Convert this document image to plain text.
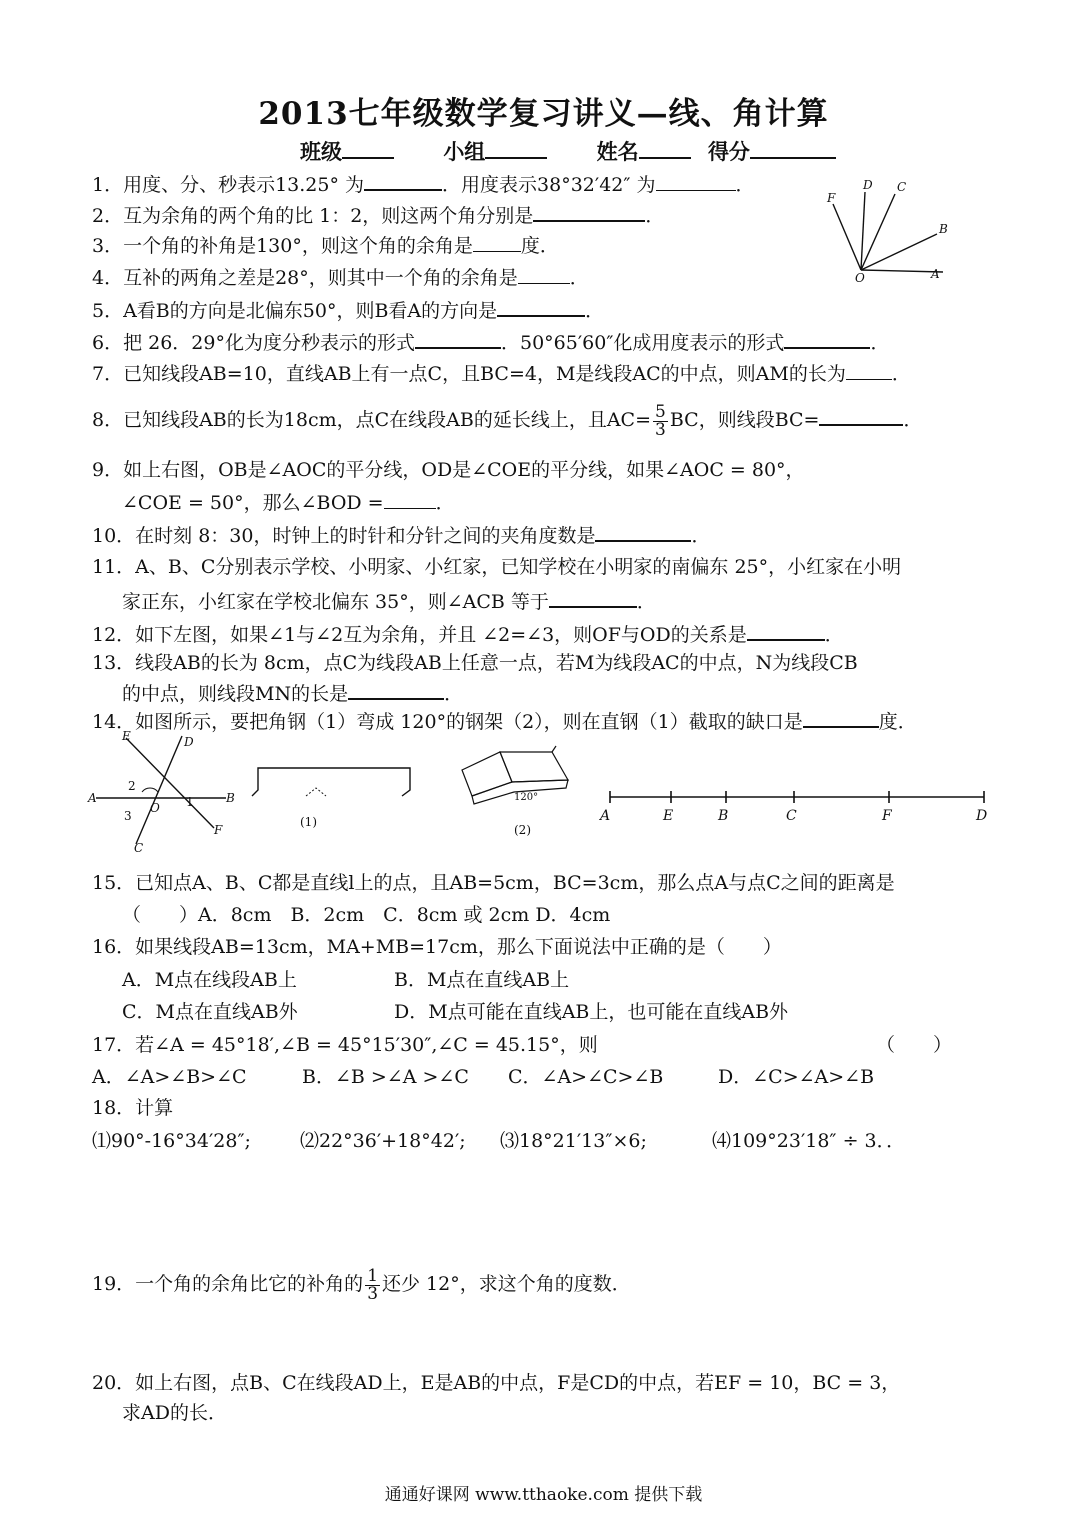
2013七年级数学复习讲义—线、角计算
班级	小组	姓名	得分
1．用度、分、秒表示13.25° 为	．用度表示38°32′42″ 为	．
2．互为余角的两个角的比 1：2，则这两个角分别是	．
3．一个角的补角是130°，则这个角的余角是	度．
4．互补的两角之差是28°，则其中一个角的余角是	．
5．A看B的方向是北偏东50°，则B看A的方向是	．
F
D C
B
O	A
6．把 26．29°化为度分秒表示的形式	．50°65′60″化成用度表示的形式	．
7．已知线段AB=10，直线AB上有一点C，且BC=4，M是线段AC的中点，则AM的长为 ．
8．已知线段AB的长为18cm，点C在线段AB的延长线上，且$AC= \frac{5}{3}$ BC，则线段BC=	．
9．如上右图，OB是∠AOC的平分线，OD是∠COE的平分线，如果∠AOC = 80°，
∠COE = 50°，那么∠BOD =	．
10．在时刻 8：30，时钟上的时针和分针之间的夹角度数是	．
11．A、B、C分别表示学校、小明家、小红家，已知学校在小明家的南偏东 25°，小红家在小明
家正东，小红家在学校北偏东 35°，则∠ACB 等于	．
12．如下左图，如果∠1与∠2互为余角，并且 ∠2=∠3，则OF与OD的关系是	．
13．线段AB的长为 8cm，点C为线段AB上任意一点，若M为线段AC的中点，N为线段CB
的中点，则线段MN的长是	．
14．如图所示，要把角钢（1）弯成 120°的钢架（2），则在直钢（1）截取的缺口是	度．
E	D
A	B
O
F
C
2
3
1
(1)
120°
(2)
A	E	B	C	F	D
15．已知点A、B、C都是直线l上的点，且AB=5cm，BC=3cm，那么点A与点C之间的距离是
（　　）A．8cm　B．2cm　C．8cm 或 2cm D．4cm
16．如果线段AB=13cm，MA+MB=17cm，那么下面说法中正确的是（　　）
A．M点在线段AB上	B．M点在直线AB上
C．M点在直线AB外	D．M点可能在直线AB上，也可能在直线AB外
17．若∠A = 45°18′,∠B = 45°15′30″,∠C = 45.15°，则	（　　）
A．∠A>∠B>∠C	B．∠B >∠A >∠C C．∠A>∠C>∠B	D．∠C>∠A>∠B
18．计算
⑴90°-16°34′28″;	⑵22°36′+18°42′; ⑶18°21′13″×6;	⑷109°23′18″ ÷ 3．．
19．一个角的余角比它的补角的 $\frac{1}{3}$ 还少 12°，求这个角的度数．
20．如上右图，点B、C在线段AD上，E是AB的中点，F是CD的中点，若EF = 10，BC = 3，
求AD的长．
通通好课网 www.tthaoke.com 提供下载
